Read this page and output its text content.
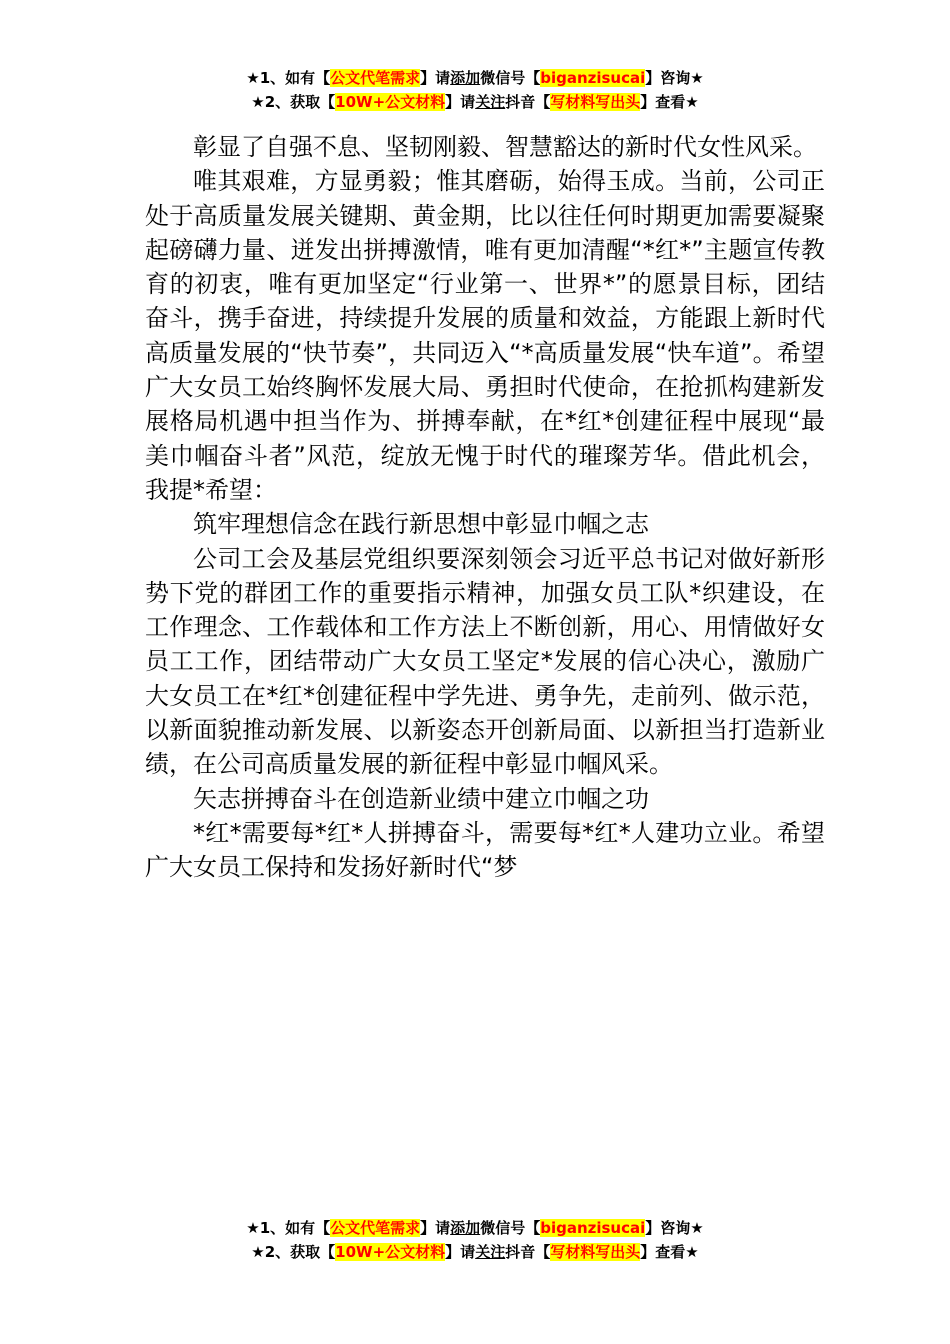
★1、如有【公文代笔需求】请添加微信号【biganzisucai】咨询★
★2、获取【10W+公文材料】请关注抖音【写材料写出头】查看★

彰显了自强不息、坚韧刚毅、智慧豁达的新时代女性风采。

唯其艰难，方显勇毅；惟其磨砺，始得玉成。当前，公司正处于高质量发展关键期、黄金期，比以往任何时期更加需要凝聚起磅礴力量、迸发出拼搏激情，唯有更加清醒“*红*”主题宣传教育的初衷，唯有更加坚定“行业第一、世界*”的愿景目标，团结奋斗，携手奋进，持续提升发展的质量和效益，方能跟上新时代高质量发展的“快节奏”，共同迈入“*高质量发展“快车道”。希望广大女员工始终胸怀发展大局、勇担时代使命，在抢抓构建新发展格局机遇中担当作为、拼搏奉献，在*红*创建征程中展现“最美巾帼奋斗者”风范，绽放无愧于时代的璀璨芳华。借此机会，我提*希望：

筑牢理想信念在践行新思想中彰显巾帼之志

公司工会及基层党组织要深刻领会习近平总书记对做好新形势下党的群团工作的重要指示精神，加强女员工队*织建设，在工作理念、工作载体和工作方法上不断创新，用心、用情做好女员工工作，团结带动广大女员工坚定*发展的信心决心，激励广大女员工在*红*创建征程中学先进、勇争先，走前列、做示范，以新面貌推动新发展、以新姿态开创新局面、以新担当打造新业绩，在公司高质量发展的新征程中彰显巾帼风采。

矢志拼搏奋斗在创造新业绩中建立巾帼之功

*红*需要每*红*人拼搏奋斗，需要每*红*人建功立业。希望广大女员工保持和发扬好新时代“梦

★1、如有【公文代笔需求】请添加微信号【biganzisucai】咨询★
★2、获取【10W+公文材料】请关注抖音【写材料写出头】查看★
